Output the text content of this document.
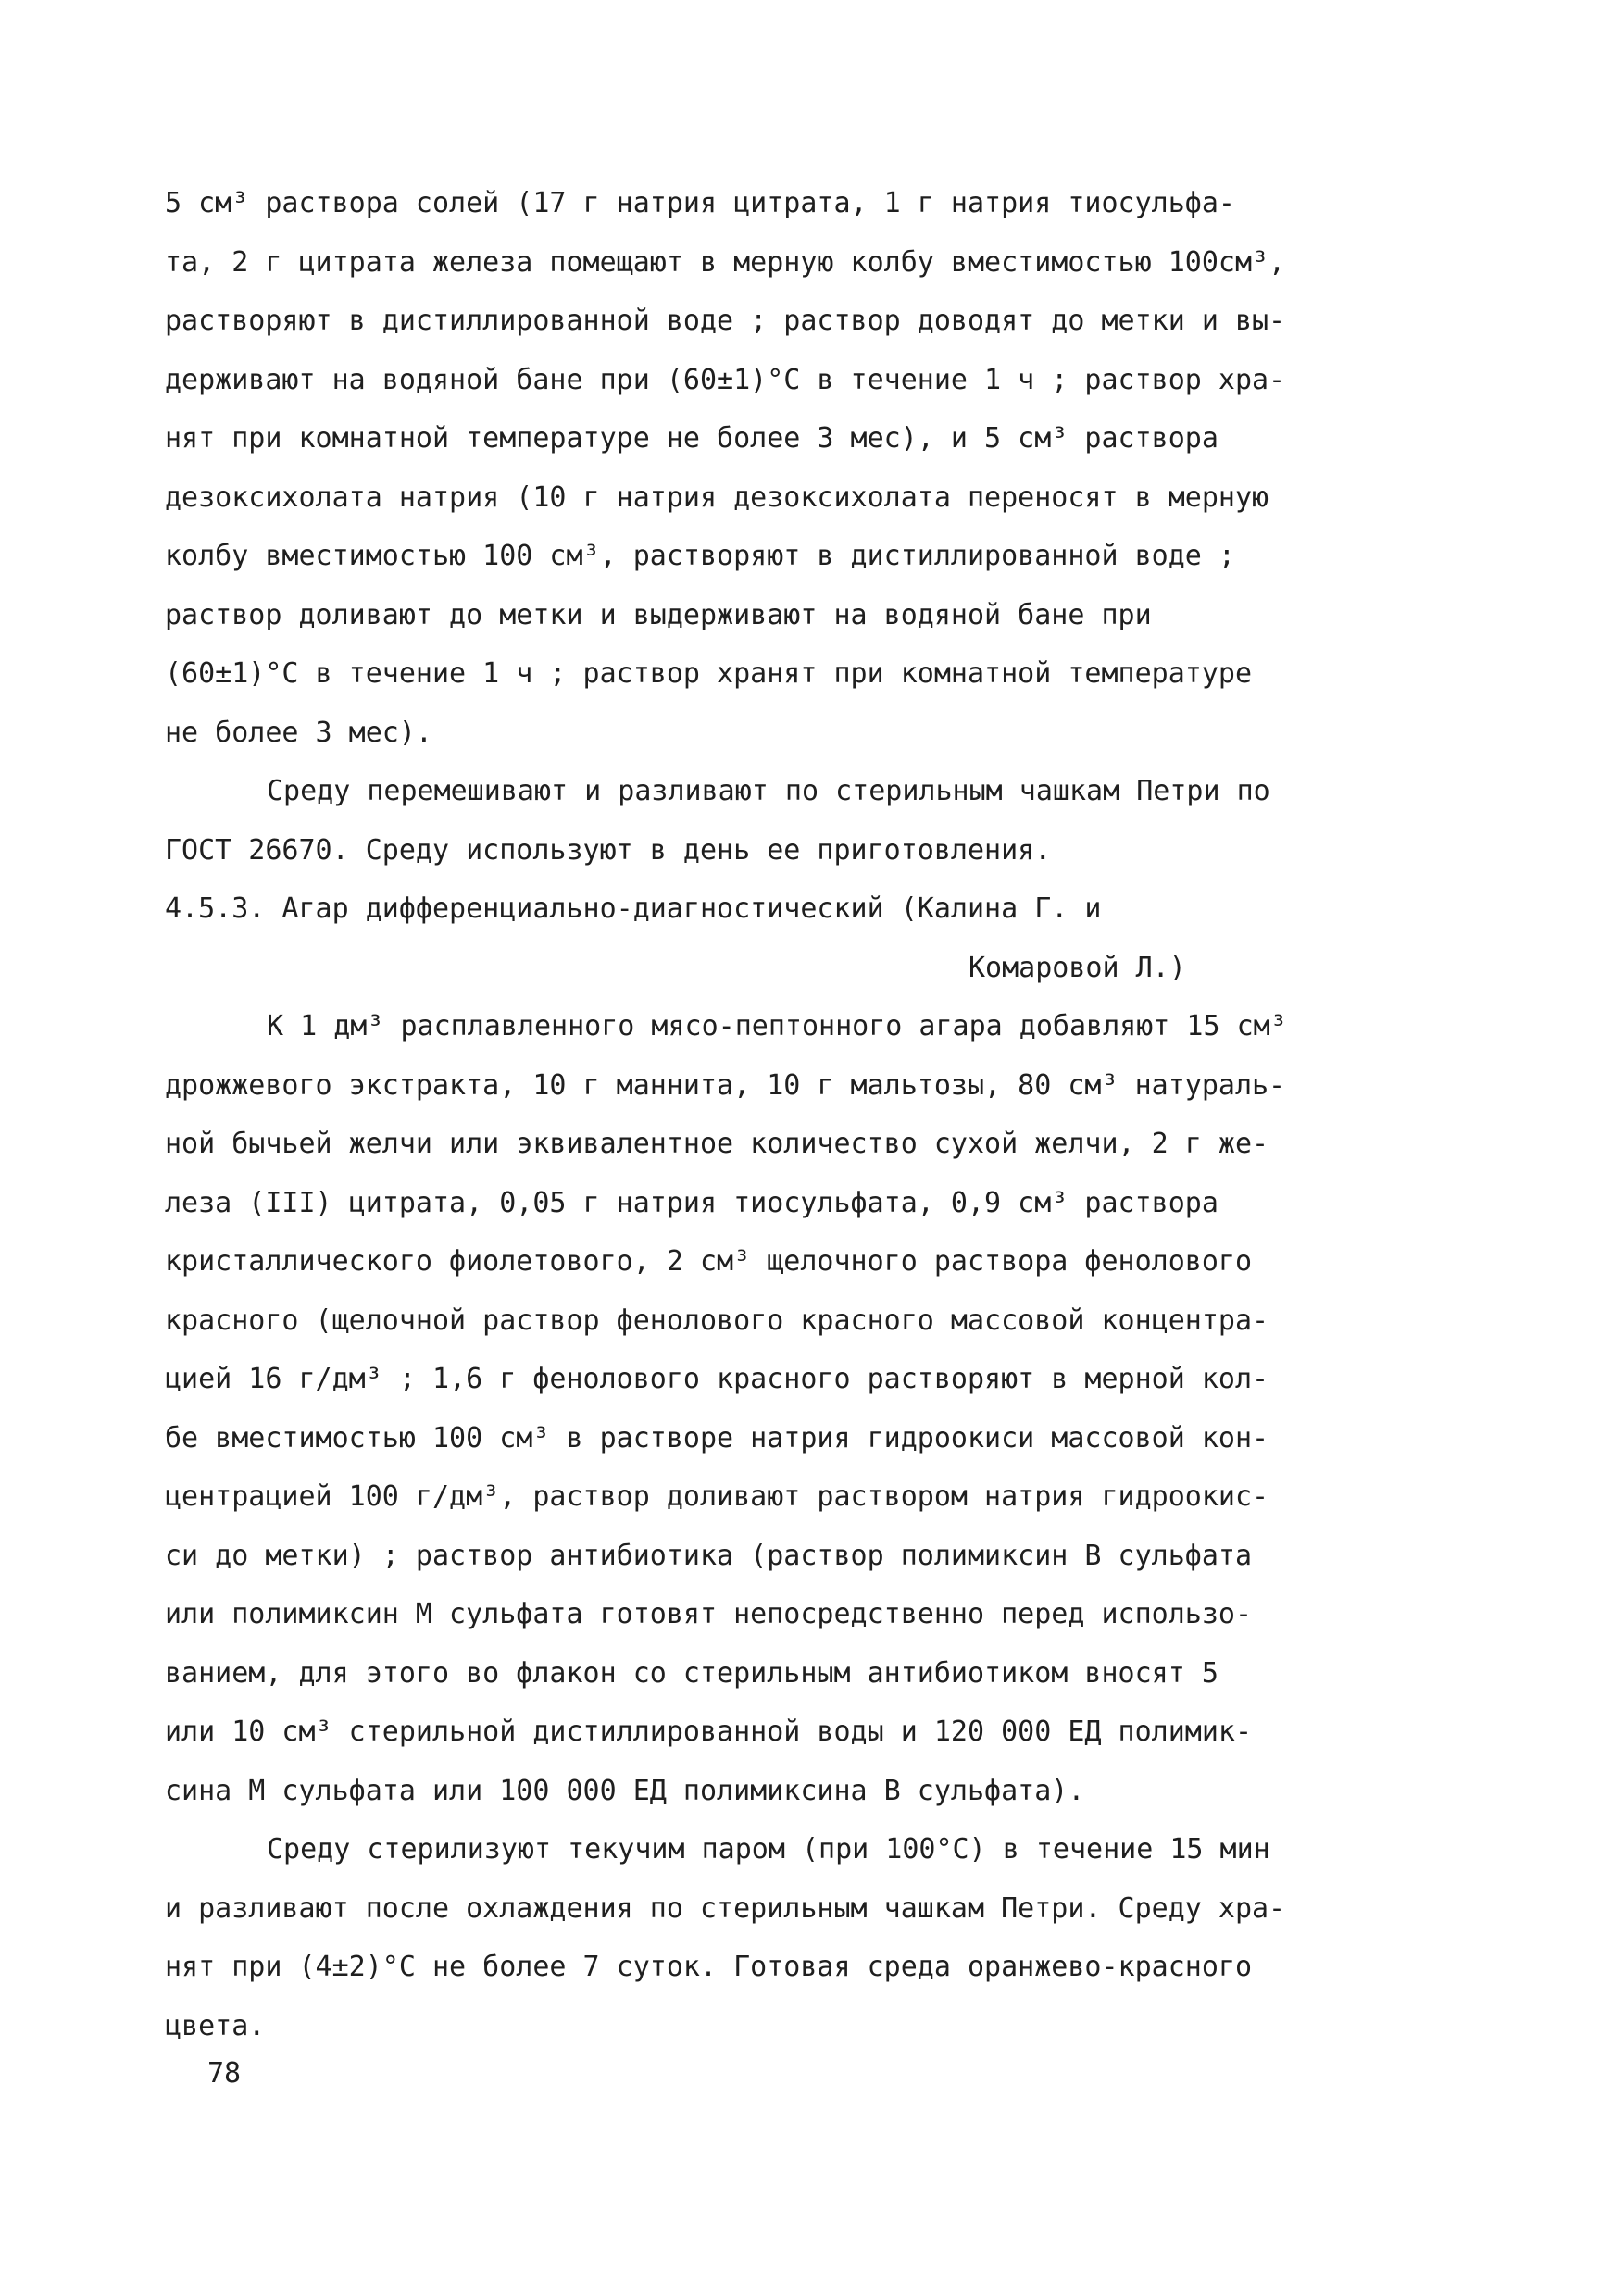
5 см³ раствора солей (17 г натрия цитрата, 1 г натрия тиосульфа-
та, 2 г цитрата железа помещают в мерную колбу вместимостью 100см³,
растворяют в дистиллированной воде ; раствор доводят до метки и вы-
держивают на водяной бане при (60±1)°С в течение 1 ч ; раствор хра-
нят при комнатной температуре не более 3 мес), и 5 см³ раствора
дезоксихолата натрия (10 г натрия дезоксихолата переносят в мерную
колбу вместимостью 100 см³, растворяют в дистиллированной воде ;
раствор доливают до метки и выдерживают на водяной бане при
(60±1)°С в течение 1 ч ; раствор хранят при комнатной температуре
не более 3 мес).
Среду перемешивают и разливают по стерильным чашкам Петри по
ГОСТ 26670. Среду используют в день ее приготовления.
4.5.3. Агар дифференциально-диагностический (Калина Г. и
Комаровой Л.)
К 1 дм³ расплавленного мясо-пептонного агара добавляют 15 см³
дрожжевого экстракта, 10 г маннита, 10 г мальтозы, 80 см³ натураль-
ной бычьей желчи или эквивалентное количество сухой желчи, 2 г же-
леза (III) цитрата, 0,05 г натрия тиосульфата, 0,9 см³ раствора
кристаллического фиолетового, 2 см³ щелочного раствора фенолового
красного (щелочной раствор фенолового красного массовой концентра-
цией 16 г/дм³ ; 1,6 г фенолового красного растворяют в мерной кол-
бе вместимостью 100 см³ в растворе натрия гидроокиси массовой кон-
центрацией 100 г/дм³, раствор доливают раствором натрия гидроокис-
си до метки) ; раствор антибиотика (раствор полимиксин В сульфата
или полимиксин М сульфата готовят непосредственно перед использо-
ванием, для этого во флакон со стерильным антибиотиком вносят 5
или 10 см³ стерильной дистиллированной воды и 120 000 ЕД полимик-
сина М сульфата или 100 000 ЕД полимиксина В сульфата).
Среду стерилизуют текучим паром (при 100°С) в течение 15 мин
и разливают после охлаждения по стерильным чашкам Петри. Среду хра-
нят при (4±2)°С не более 7 суток. Готовая среда оранжево-красного
цвета.
78
